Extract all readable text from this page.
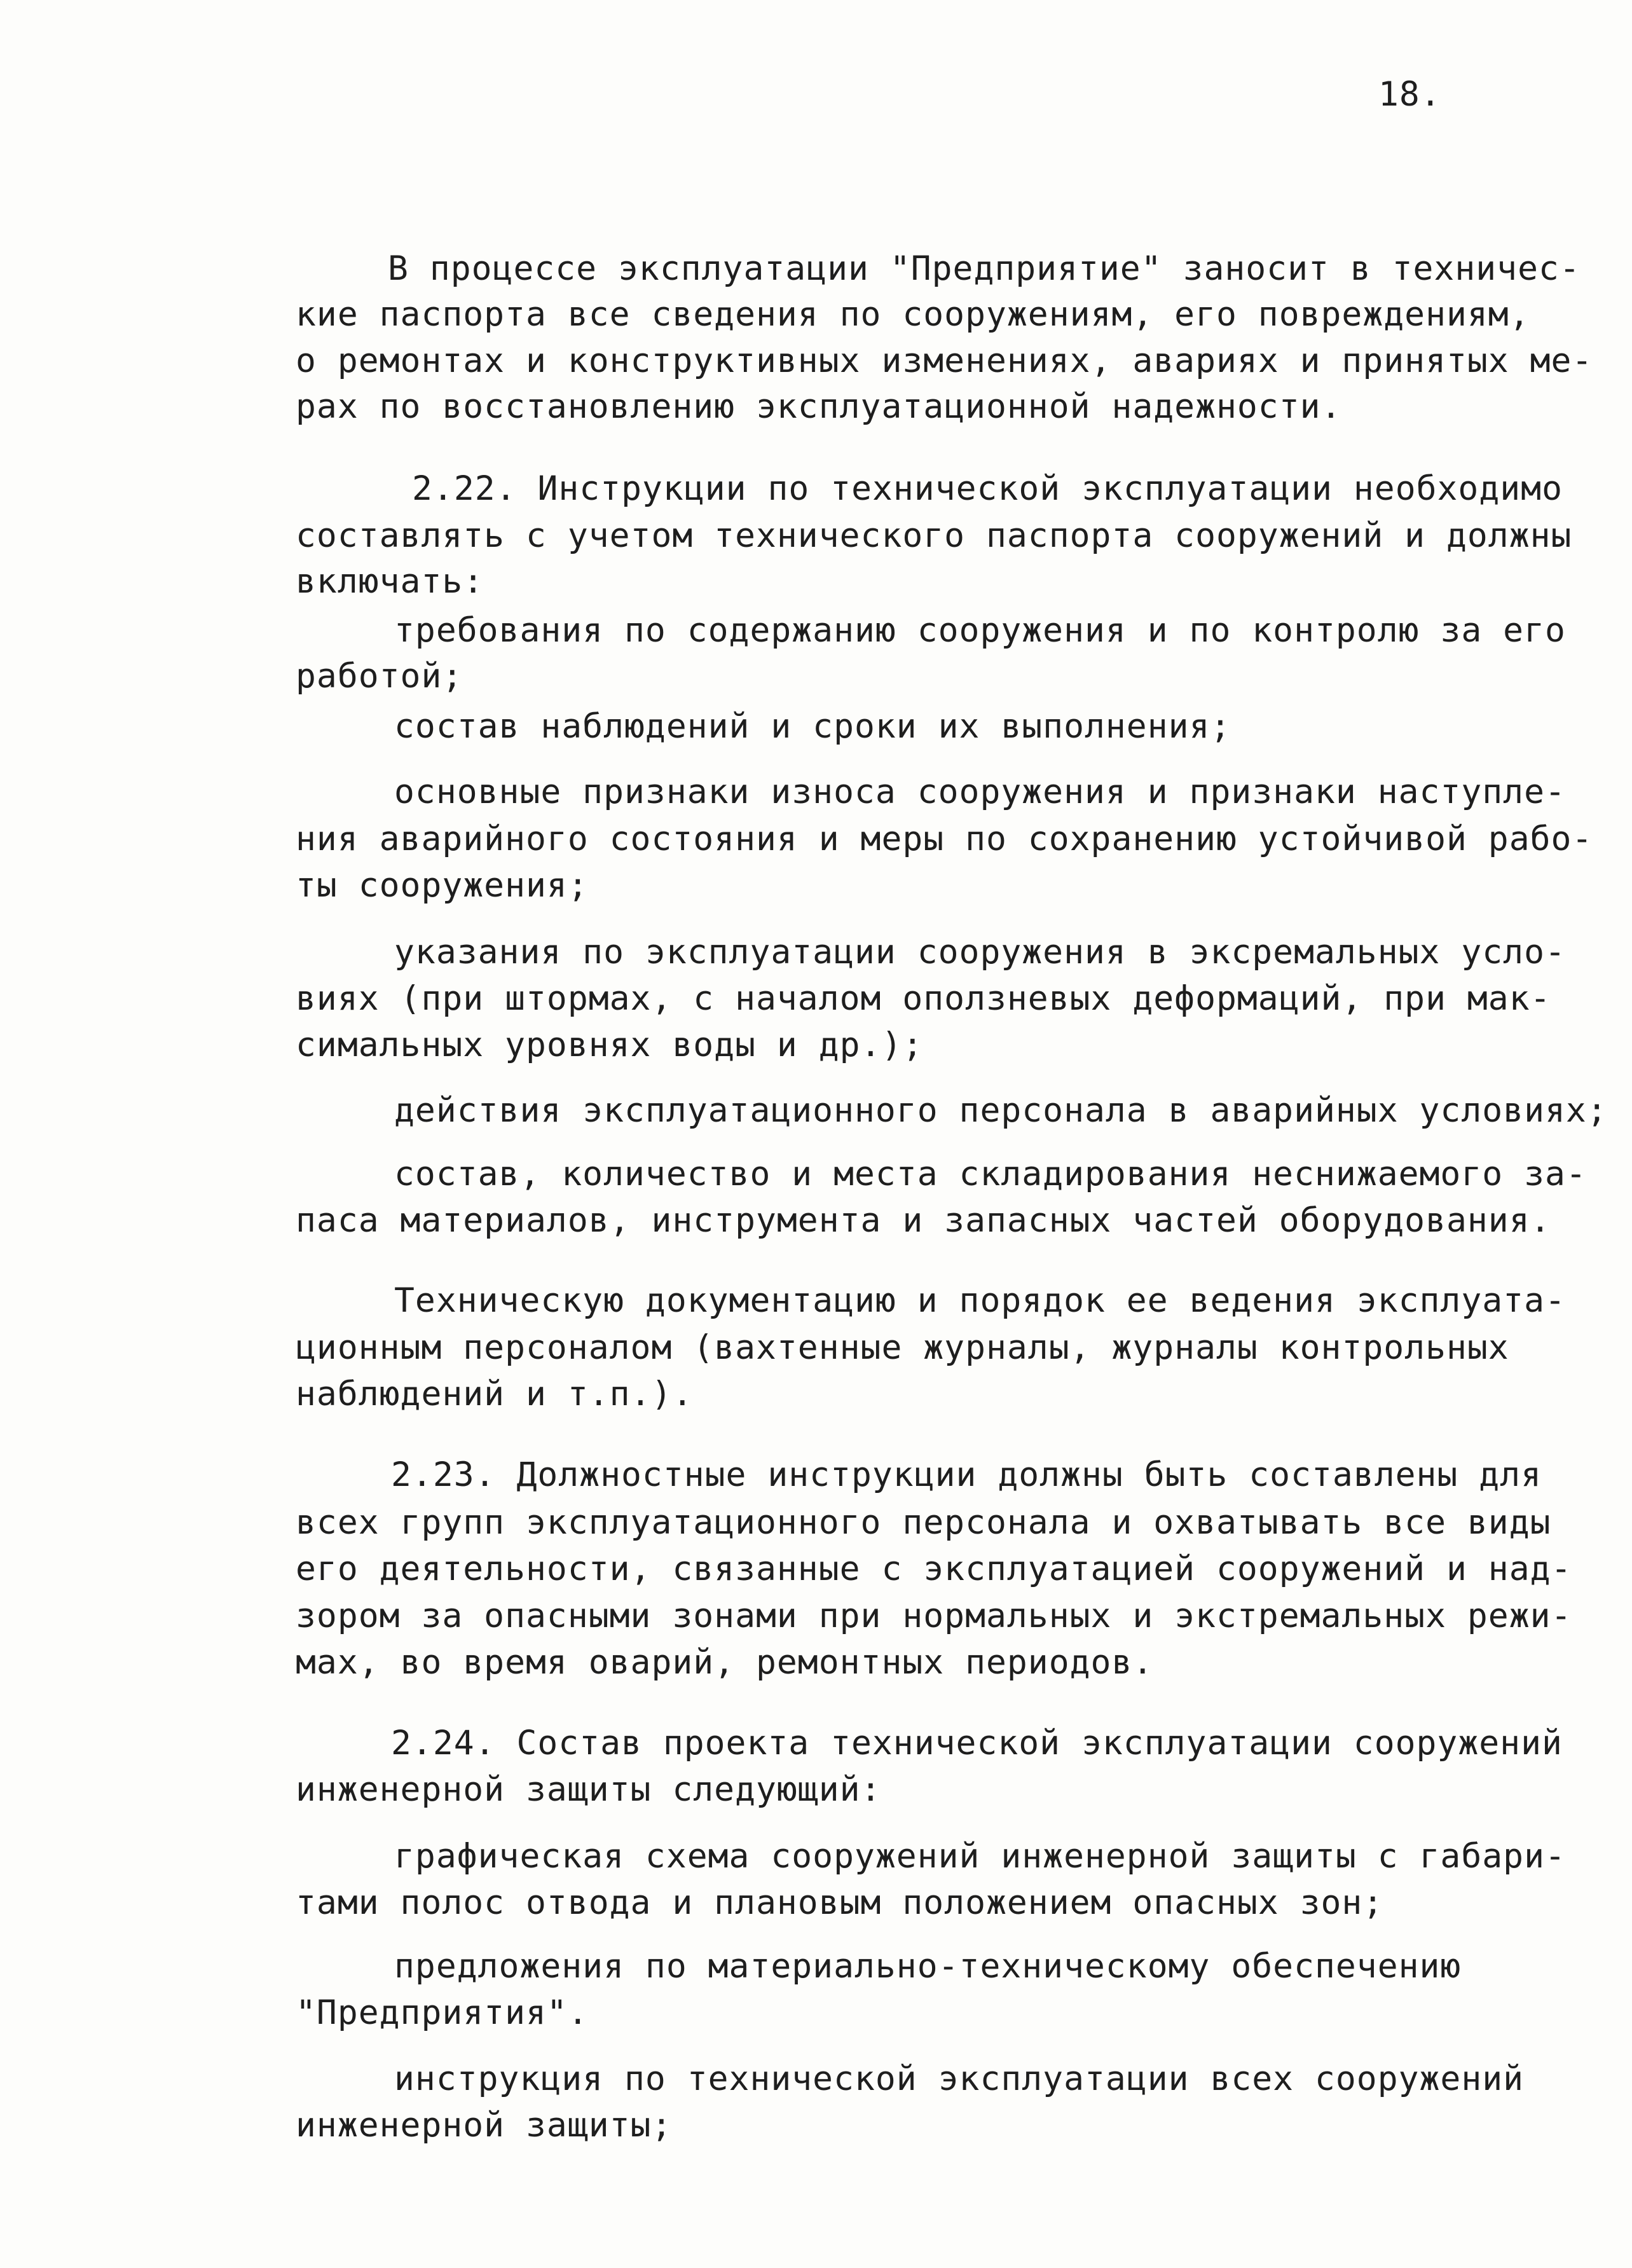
18.
В процессе эксплуатации "Предприятие" заносит в техничес-
кие паспорта все сведения по сооружениям, его повреждениям,
о ремонтах и конструктивных изменениях, авариях и принятых ме-
рах по восстановлению эксплуатационной надежности.
2.22. Инструкции по технической эксплуатации необходимо
составлять с учетом технического паспорта сооружений и должны
включать:
требования по содержанию сооружения и по контролю за его
работой;
состав наблюдений и сроки их выполнения;
основные признаки износа сооружения и признаки наступле-
ния аварийного состояния и меры по сохранению устойчивой рабо-
ты сооружения;
указания по эксплуатации сооружения в эксремальных усло-
виях (при штормах, с началом оползневых деформаций, при мак-
симальных уровнях воды и др.);
действия эксплуатационного персонала в аварийных условиях;
состав, количество и места складирования неснижаемого за-
паса материалов, инструмента и запасных частей оборудования.
Техническую документацию и порядок ее ведения эксплуата-
ционным персоналом (вахтенные журналы, журналы контрольных
наблюдений и т.п.).
2.23. Должностные инструкции должны быть составлены для
всех групп эксплуатационного персонала и охватывать все виды
его деятельности, связанные с эксплуатацией сооружений и над-
зором за опасными зонами при нормальных и экстремальных режи-
мах, во время оварий, ремонтных периодов.
2.24. Состав проекта технической эксплуатации сооружений
инженерной защиты следующий:
графическая схема сооружений инженерной защиты с габари-
тами полос отвода и плановым положением опасных зон;
предложения по материально-техническому обеспечению
"Предприятия".
инструкция по технической эксплуатации всех сооружений
инженерной защиты;
